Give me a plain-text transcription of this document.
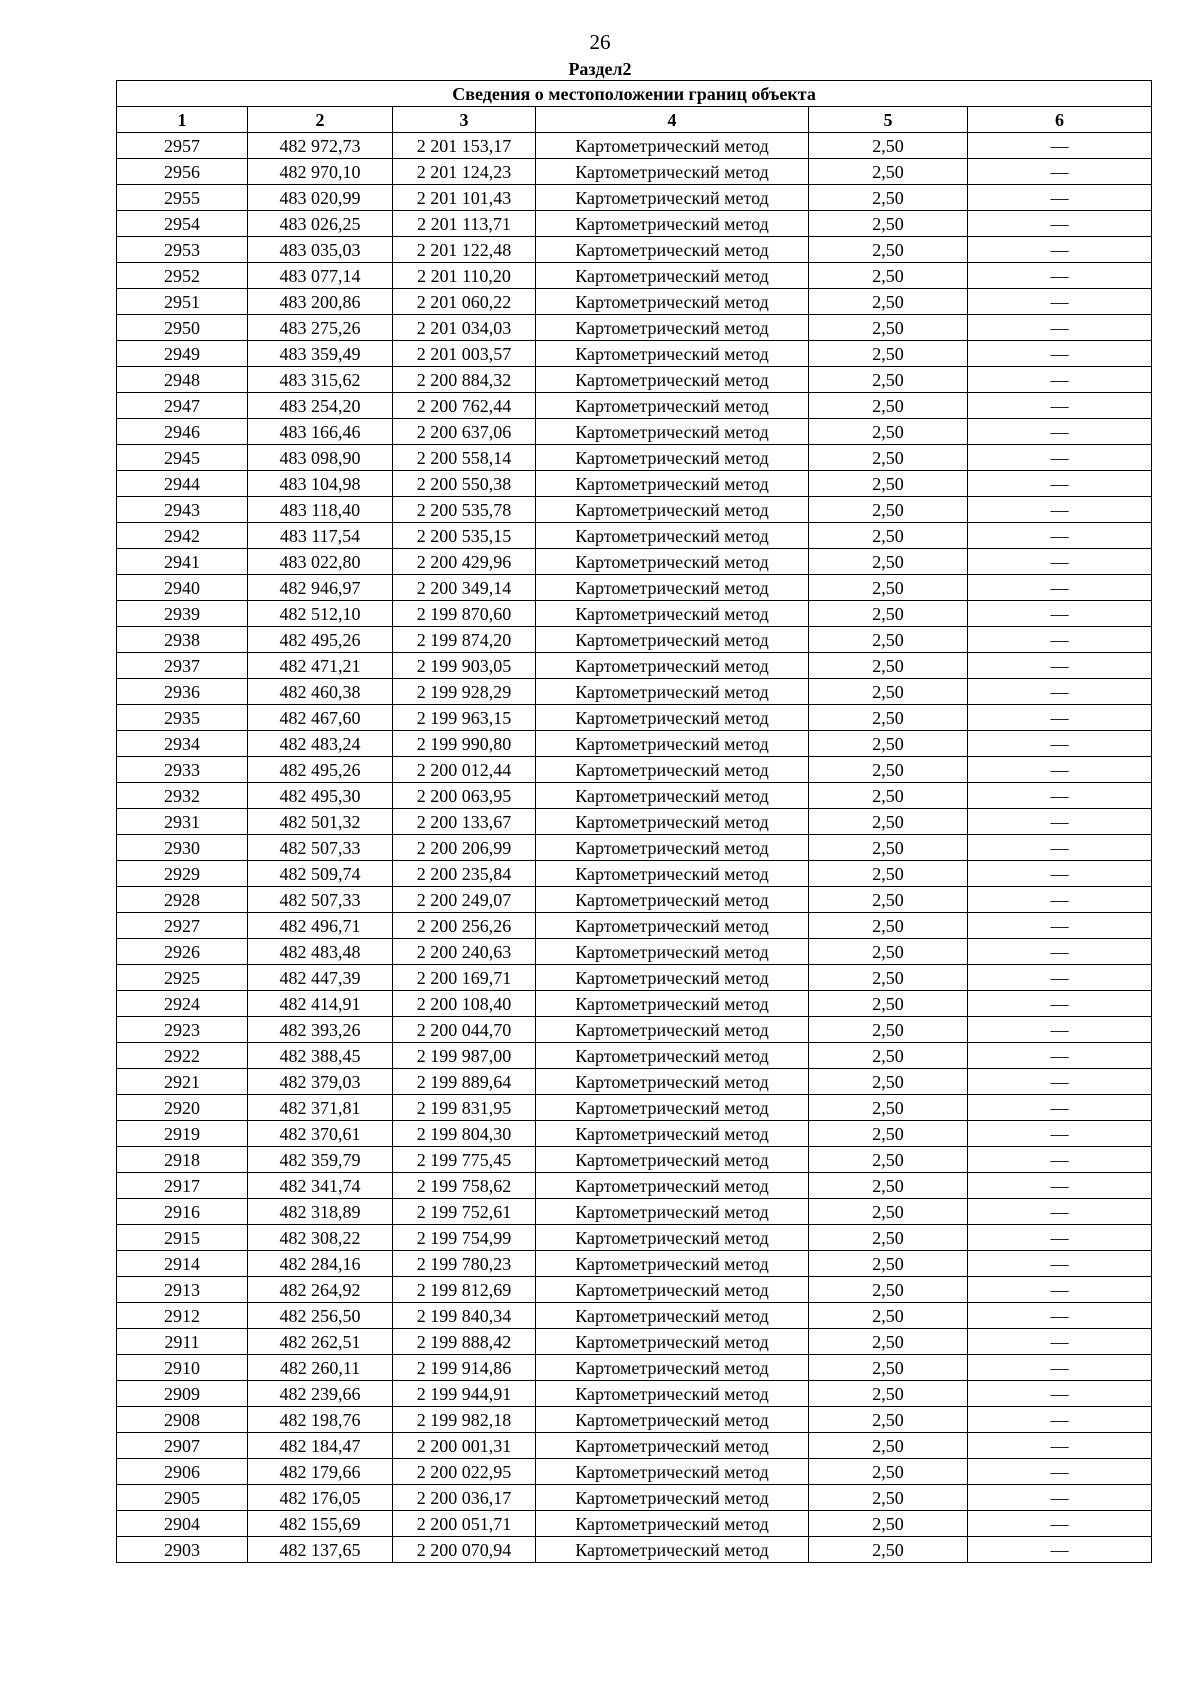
26
Раздел2
Сведения о местоположении границ объекта					
1	2	3	4	5	6
2957	482 972,73	2 201 153,17	Картометрический метод	2,50	—
2956	482 970,10	2 201 124,23	Картометрический метод	2,50	—
2955	483 020,99	2 201 101,43	Картометрический метод	2,50	—
2954	483 026,25	2 201 113,71	Картометрический метод	2,50	—
2953	483 035,03	2 201 122,48	Картометрический метод	2,50	—
2952	483 077,14	2 201 110,20	Картометрический метод	2,50	—
2951	483 200,86	2 201 060,22	Картометрический метод	2,50	—
2950	483 275,26	2 201 034,03	Картометрический метод	2,50	—
2949	483 359,49	2 201 003,57	Картометрический метод	2,50	—
2948	483 315,62	2 200 884,32	Картометрический метод	2,50	—
2947	483 254,20	2 200 762,44	Картометрический метод	2,50	—
2946	483 166,46	2 200 637,06	Картометрический метод	2,50	—
2945	483 098,90	2 200 558,14	Картометрический метод	2,50	—
2944	483 104,98	2 200 550,38	Картометрический метод	2,50	—
2943	483 118,40	2 200 535,78	Картометрический метод	2,50	—
2942	483 117,54	2 200 535,15	Картометрический метод	2,50	—
2941	483 022,80	2 200 429,96	Картометрический метод	2,50	—
2940	482 946,97	2 200 349,14	Картометрический метод	2,50	—
2939	482 512,10	2 199 870,60	Картометрический метод	2,50	—
2938	482 495,26	2 199 874,20	Картометрический метод	2,50	—
2937	482 471,21	2 199 903,05	Картометрический метод	2,50	—
2936	482 460,38	2 199 928,29	Картометрический метод	2,50	—
2935	482 467,60	2 199 963,15	Картометрический метод	2,50	—
2934	482 483,24	2 199 990,80	Картометрический метод	2,50	—
2933	482 495,26	2 200 012,44	Картометрический метод	2,50	—
2932	482 495,30	2 200 063,95	Картометрический метод	2,50	—
2931	482 501,32	2 200 133,67	Картометрический метод	2,50	—
2930	482 507,33	2 200 206,99	Картометрический метод	2,50	—
2929	482 509,74	2 200 235,84	Картометрический метод	2,50	—
2928	482 507,33	2 200 249,07	Картометрический метод	2,50	—
2927	482 496,71	2 200 256,26	Картометрический метод	2,50	—
2926	482 483,48	2 200 240,63	Картометрический метод	2,50	—
2925	482 447,39	2 200 169,71	Картометрический метод	2,50	—
2924	482 414,91	2 200 108,40	Картометрический метод	2,50	—
2923	482 393,26	2 200 044,70	Картометрический метод	2,50	—
2922	482 388,45	2 199 987,00	Картометрический метод	2,50	—
2921	482 379,03	2 199 889,64	Картометрический метод	2,50	—
2920	482 371,81	2 199 831,95	Картометрический метод	2,50	—
2919	482 370,61	2 199 804,30	Картометрический метод	2,50	—
2918	482 359,79	2 199 775,45	Картометрический метод	2,50	—
2917	482 341,74	2 199 758,62	Картометрический метод	2,50	—
2916	482 318,89	2 199 752,61	Картометрический метод	2,50	—
2915	482 308,22	2 199 754,99	Картометрический метод	2,50	—
2914	482 284,16	2 199 780,23	Картометрический метод	2,50	—
2913	482 264,92	2 199 812,69	Картометрический метод	2,50	—
2912	482 256,50	2 199 840,34	Картометрический метод	2,50	—
2911	482 262,51	2 199 888,42	Картометрический метод	2,50	—
2910	482 260,11	2 199 914,86	Картометрический метод	2,50	—
2909	482 239,66	2 199 944,91	Картометрический метод	2,50	—
2908	482 198,76	2 199 982,18	Картометрический метод	2,50	—
2907	482 184,47	2 200 001,31	Картометрический метод	2,50	—
2906	482 179,66	2 200 022,95	Картометрический метод	2,50	—
2905	482 176,05	2 200 036,17	Картометрический метод	2,50	—
2904	482 155,69	2 200 051,71	Картометрический метод	2,50	—
2903	482 137,65	2 200 070,94	Картометрический метод	2,50	—
